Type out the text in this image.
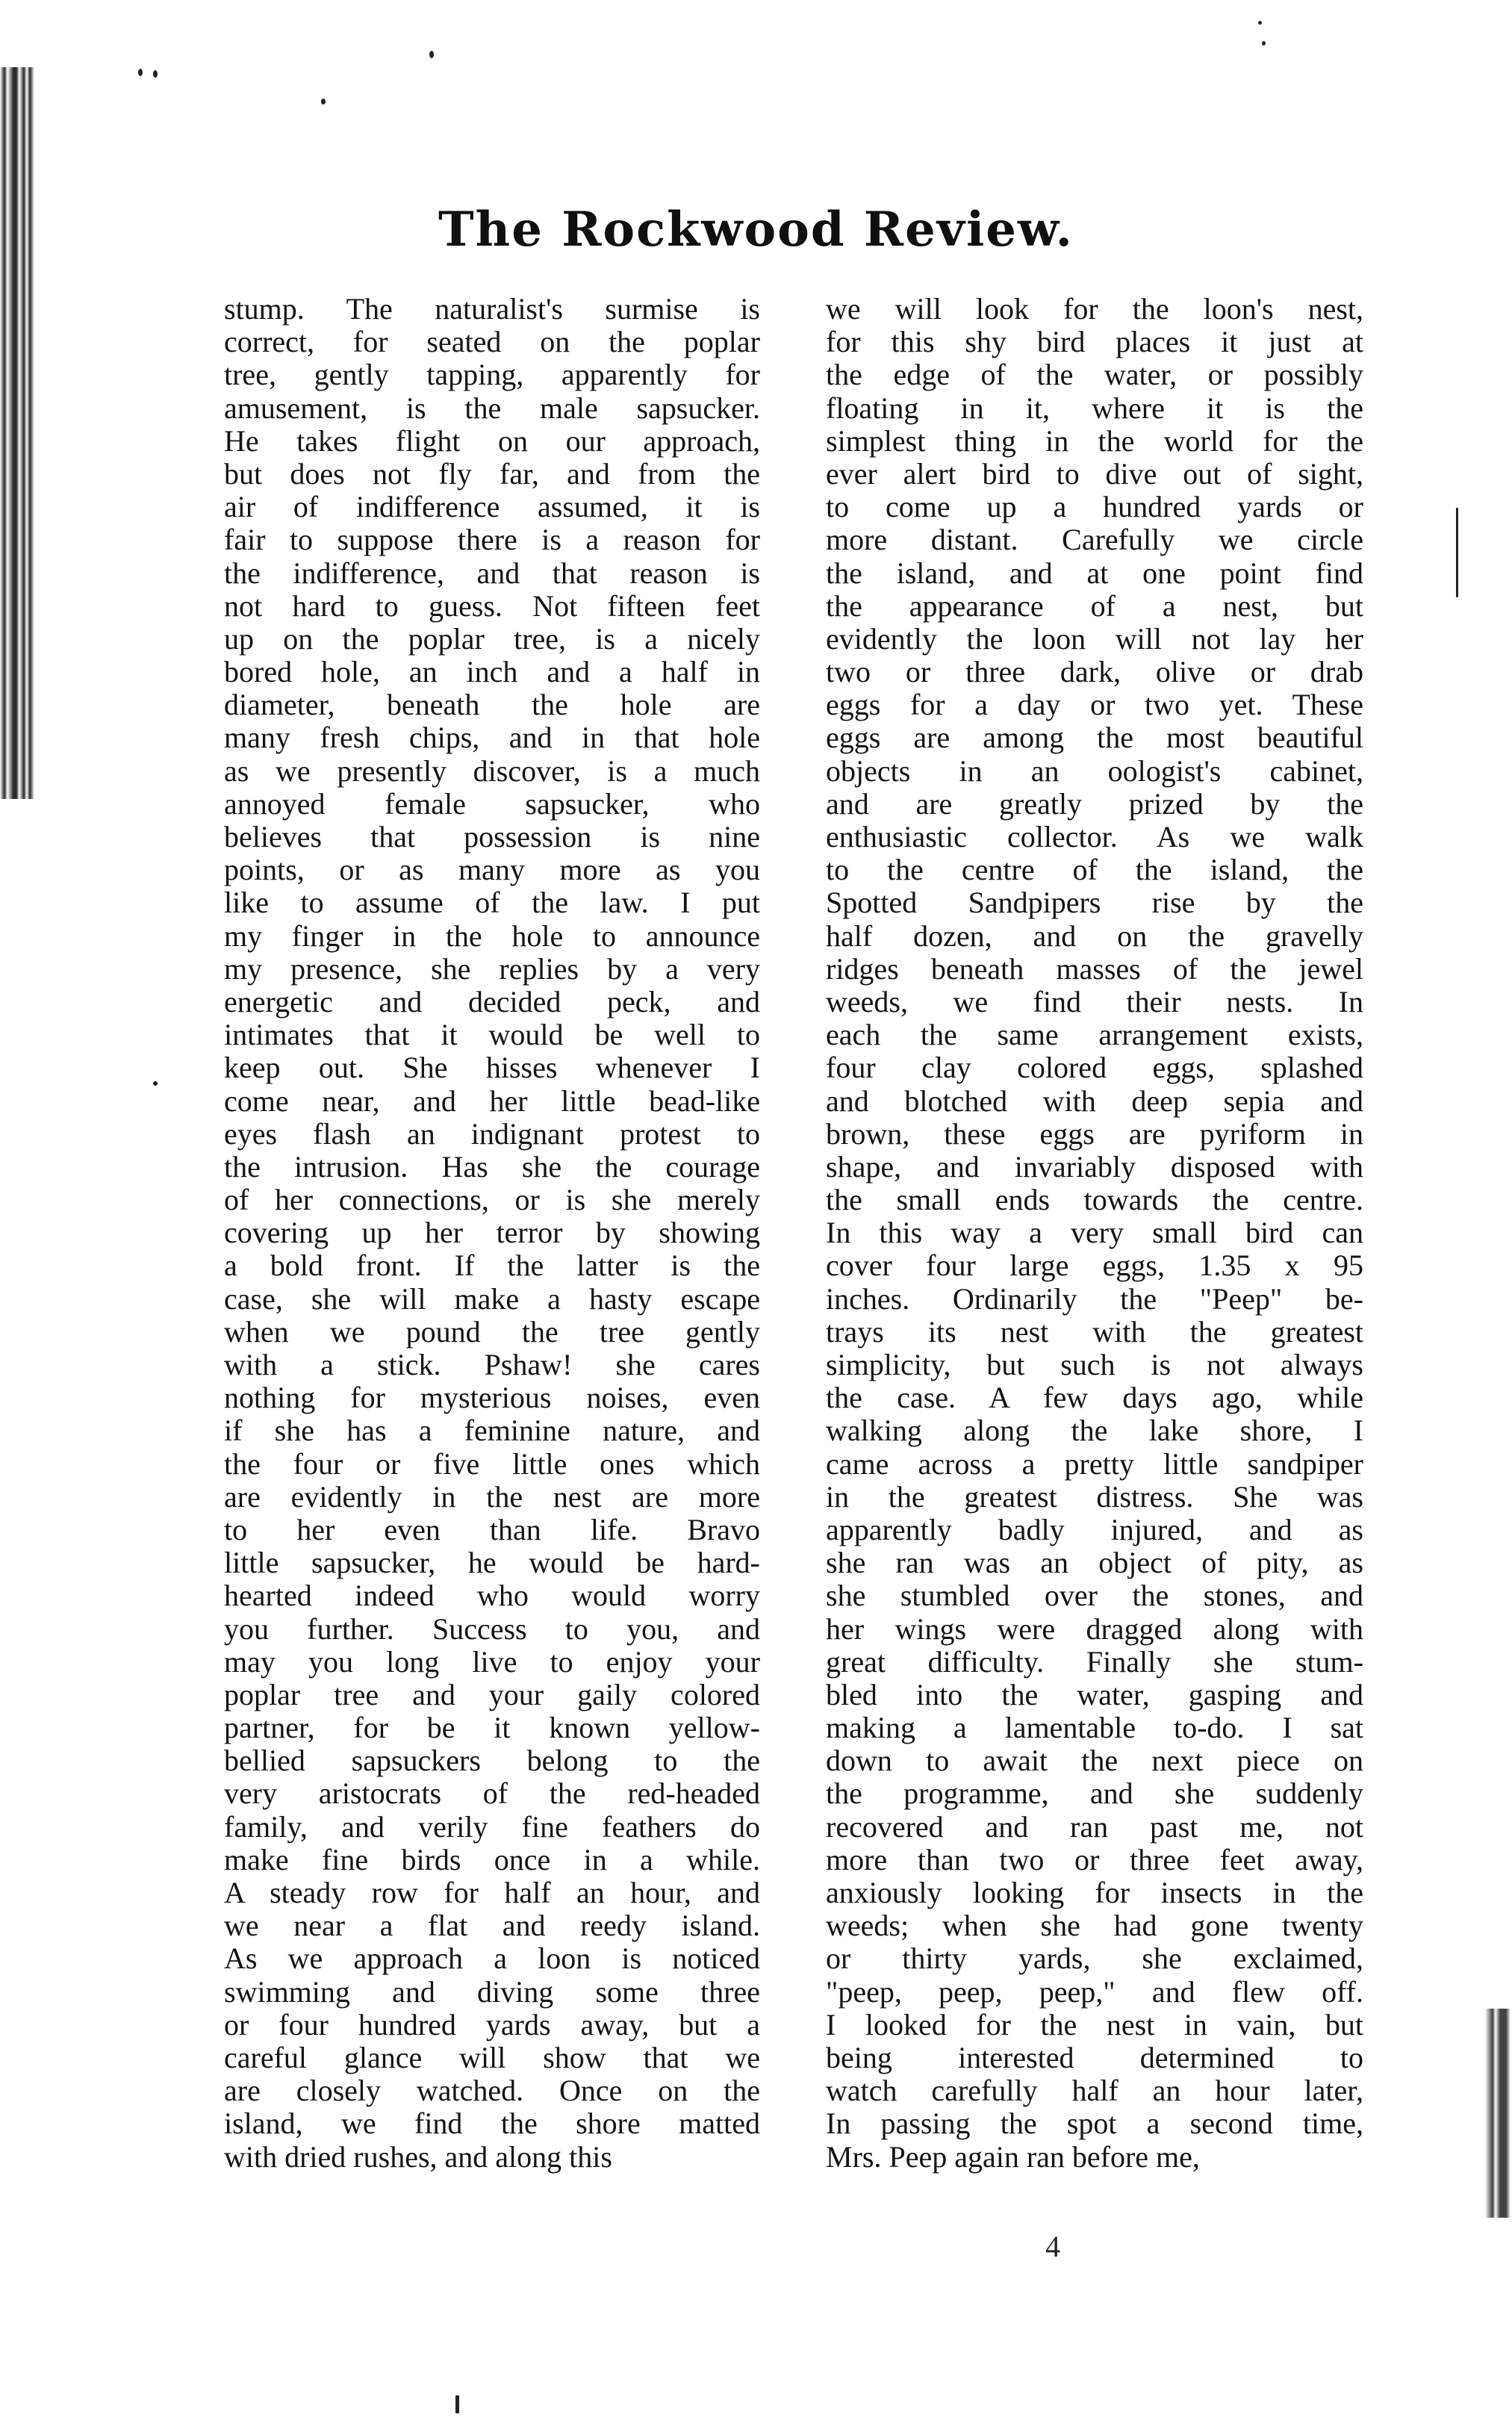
The Rockwood Review.
stump. The naturalist's surmise is
correct, for seated on the poplar
tree, gently tapping, apparently for
amusement, is the male sapsucker.
He takes flight on our approach,
but does not fly far, and from the
air of indifference assumed, it is
fair to suppose there is a reason for
the indifference, and that reason is
not hard to guess. Not fifteen feet
up on the poplar tree, is a nicely
bored hole, an inch and a half in
diameter, beneath the hole are
many fresh chips, and in that hole
as we presently discover, is a much
annoyed female sapsucker, who
believes that possession is nine
points, or as many more as you
like to assume of the law. I put
my finger in the hole to announce
my presence, she replies by a very
energetic and decided peck, and
intimates that it would be well to
keep out. She hisses whenever I
come near, and her little bead-like
eyes flash an indignant protest to
the intrusion. Has she the courage
of her connections, or is she merely
covering up her terror by showing
a bold front. If the latter is the
case, she will make a hasty escape
when we pound the tree gently
with a stick. Pshaw! she cares
nothing for mysterious noises, even
if she has a feminine nature, and
the four or five little ones which
are evidently in the nest are more
to her even than life. Bravo
little sapsucker, he would be hard-
hearted indeed who would worry
you further. Success to you, and
may you long live to enjoy your
poplar tree and your gaily colored
partner, for be it known yellow-
bellied sapsuckers belong to the
very aristocrats of the red-headed
family, and verily fine feathers do
make fine birds once in a while.
A steady row for half an hour, and
we near a flat and reedy island.
As we approach a loon is noticed
swimming and diving some three
or four hundred yards away, but a
careful glance will show that we
are closely watched. Once on the
island, we find the shore matted
with dried rushes, and along this
we will look for the loon's nest,
for this shy bird places it just at
the edge of the water, or possibly
floating in it, where it is the
simplest thing in the world for the
ever alert bird to dive out of sight,
to come up a hundred yards or
more distant. Carefully we circle
the island, and at one point find
the appearance of a nest, but
evidently the loon will not lay her
two or three dark, olive or drab
eggs for a day or two yet. These
eggs are among the most beautiful
objects in an oologist's cabinet,
and are greatly prized by the
enthusiastic collector. As we walk
to the centre of the island, the
Spotted Sandpipers rise by the
half dozen, and on the gravelly
ridges beneath masses of the jewel
weeds, we find their nests. In
each the same arrangement exists,
four clay colored eggs, splashed
and blotched with deep sepia and
brown, these eggs are pyriform in
shape, and invariably disposed with
the small ends towards the centre.
In this way a very small bird can
cover four large eggs, 1.35 x 95
inches. Ordinarily the "Peep" be-
trays its nest with the greatest
simplicity, but such is not always
the case. A few days ago, while
walking along the lake shore, I
came across a pretty little sandpiper
in the greatest distress. She was
apparently badly injured, and as
she ran was an object of pity, as
she stumbled over the stones, and
her wings were dragged along with
great difficulty. Finally she stum-
bled into the water, gasping and
making a lamentable to-do. I sat
down to await the next piece on
the programme, and she suddenly
recovered and ran past me, not
more than two or three feet away,
anxiously looking for insects in the
weeds; when she had gone twenty
or thirty yards, she exclaimed,
"peep, peep, peep," and flew off.
I looked for the nest in vain, but
being interested determined to
watch carefully half an hour later,
In passing the spot a second time,
Mrs. Peep again ran before me,
4
